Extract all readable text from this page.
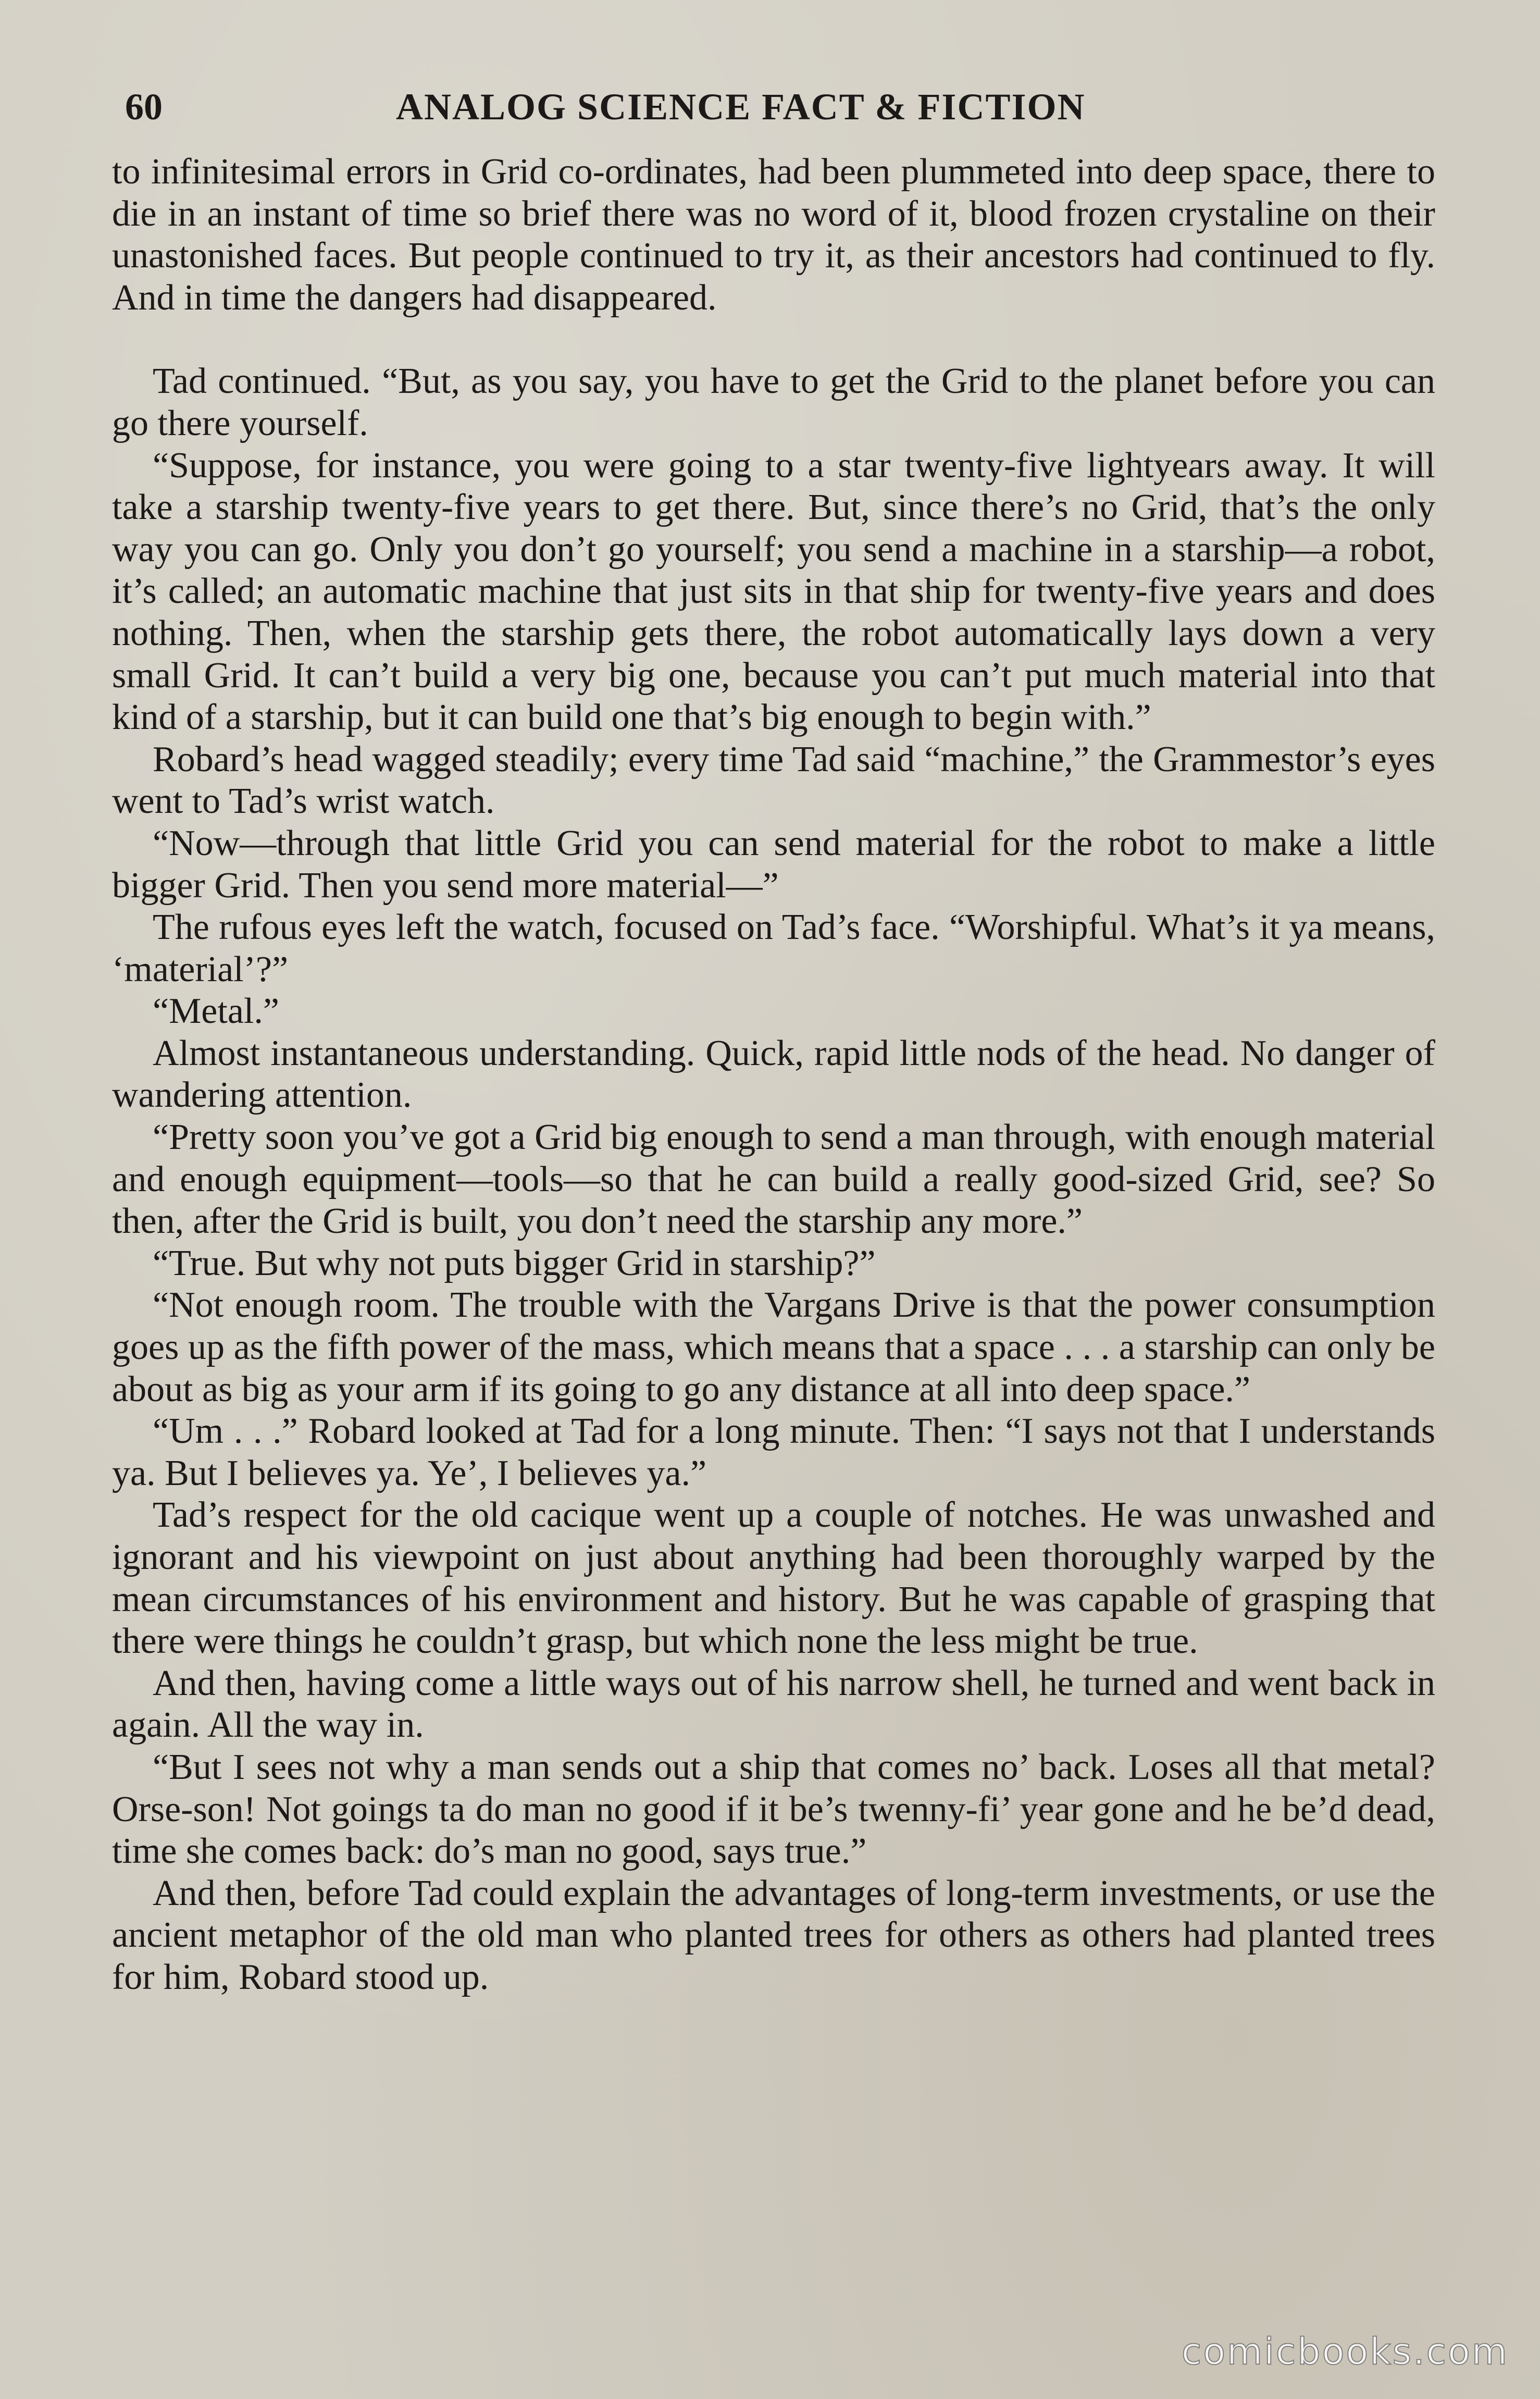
60	ANALOG SCIENCE FACT & FICTION

to infinitesimal errors in Grid co-ordinates, had been plummeted into deep space, there to die in an instant of time so brief there was no word of it, blood frozen crystaline on their unastonished faces. But people continued to try it, as their ancestors had continued to fly. And in time the dangers had disappeared.

Tad continued. “But, as you say, you have to get the Grid to the planet before you can go there yourself.

“Suppose, for instance, you were going to a star twenty-five lightyears away. It will take a starship twenty-five years to get there. But, since there’s no Grid, that’s the only way you can go. Only you don’t go yourself; you send a machine in a starship—a robot, it’s called; an automatic machine that just sits in that ship for twenty-five years and does nothing. Then, when the starship gets there, the robot automatically lays down a very small Grid. It can’t build a very big one, because you can’t put much material into that kind of a starship, but it can build one that’s big enough to begin with.”

Robard’s head wagged steadily; every time Tad said “machine,” the Grammestor’s eyes went to Tad’s wrist watch.

“Now—through that little Grid you can send material for the robot to make a little bigger Grid. Then you send more material—”

The rufous eyes left the watch, focused on Tad’s face. “Worshipful. What’s it ya means, ‘material’?”

“Metal.”

Almost instantaneous understanding. Quick, rapid little nods of the head. No danger of wandering attention.

“Pretty soon you’ve got a Grid big enough to send a man through, with enough material and enough equipment—tools—so that he can build a really good-sized Grid, see? So then, after the Grid is built, you don’t need the starship any more.”

“True. But why not puts bigger Grid in starship?”

“Not enough room. The trouble with the Vargans Drive is that the power consumption goes up as the fifth power of the mass, which means that a space . . . a starship can only be about as big as your arm if its going to go any distance at all into deep space.”

“Um . . .” Robard looked at Tad for a long minute. Then: “I says not that I understands ya. But I believes ya. Ye’, I believes ya.”

Tad’s respect for the old cacique went up a couple of notches. He was unwashed and ignorant and his viewpoint on just about anything had been thoroughly warped by the mean circumstances of his environment and history. But he was capable of grasping that there were things he couldn’t grasp, but which none the less might be true.

And then, having come a little ways out of his narrow shell, he turned and went back in again. All the way in.

“But I sees not why a man sends out a ship that comes no’ back. Loses all that metal? Orse-son! Not goings ta do man no good if it be’s twenny-fi’ year gone and he be’d dead, time she comes back: do’s man no good, says true.”

And then, before Tad could explain the advantages of long-term investments, or use the ancient metaphor of the old man who planted trees for others as others had planted trees for him, Robard stood up.

comicbooks.com
